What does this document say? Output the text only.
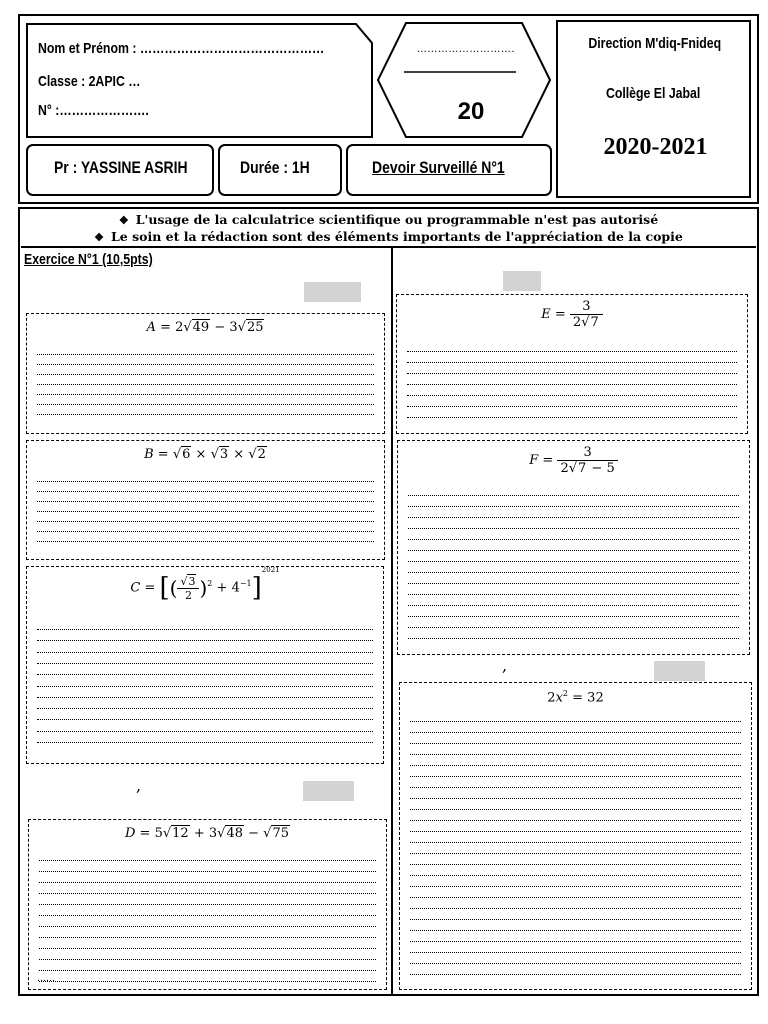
Nom et Prénom : ………………………………………
Classe : 2APIC …
N° :………………….
……………………….
20
Direction M'diq-Fnideq
Collège El Jabal
2020-2021
Pr : YASSINE ASRIH	Durée : 1H	Devoir Surveillé N°1
❖ L'usage de la calculatrice scientifique ou programmable n'est pas autorisé
❖ Le soin et la rédaction sont des éléments importants de l'appréciation de la copie
Exercice N°1 (10,5pts)
,
,
A = 2√49 − 3√25
B = √6 × √3 × √2
C = [( $\frac{√3}{2} )^2 + 4^{-1}]^{2021}$
D = 5√12 + 3√48 − √75
……
$E = \frac{3}{2√7}$
$F = \frac{3}{2√7 - 5}$
$2x^2 = 32$
